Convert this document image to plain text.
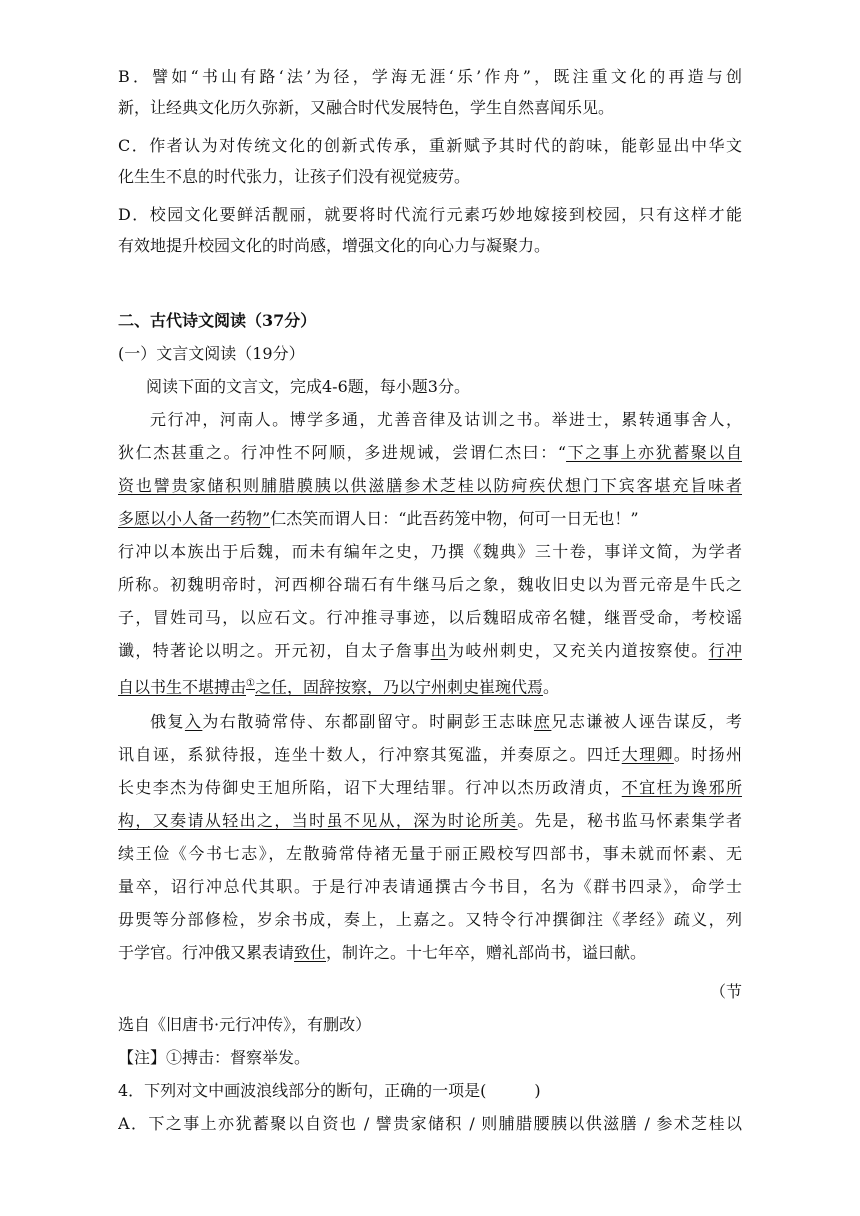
B．譬如“书山有路‘法’为径，学海无涯‘乐’作舟”，既注重文化的再造与创
新，让经典文化历久弥新，又融合时代发展特色，学生自然喜闻乐见。
C．作者认为对传统文化的创新式传承，重新赋予其时代的韵味，能彰显出中华文
化生生不息的时代张力，让孩子们没有视觉疲劳。
D．校园文化要鲜活靓丽，就要将时代流行元素巧妙地嫁接到校园，只有这样才能
有效地提升校园文化的时尚感，增强文化的向心力与凝聚力。
二、古代诗文阅读（37分）
(一）文言文阅读（19分）
阅读下面的文言文，完成4-6题，每小题3分。
元行冲，河南人。博学多通，尤善音律及诂训之书。举进士，累转通事舍人，
狄仁杰甚重之。行冲性不阿顺，多进规诫，尝谓仁杰曰：“下之事上亦犹蓄聚以自
资也譬贵家储积则脯腊膜胰以供滋膳参术芝桂以防疴疾伏想门下宾客堪充旨味者
多愿以小人备一药物”仁杰笑而谓人日：“此吾药笼中物，何可一日无也！”
行冲以本族出于后魏，而未有编年之史，乃撰《魏典》三十卷，事详文简，为学者
所称。初魏明帝时，河西柳谷瑞石有牛继马后之象，魏收旧史以为晋元帝是牛氏之
子，冒姓司马，以应石文。行冲推寻事迹，以后魏昭成帝名犍，继晋受命，考校谣
谶，特著论以明之。开元初，自太子詹事出为岐州刺史，又充关内道按察使。行冲
自以书生不堪搏击①之任，固辞按察，乃以宁州刺史崔琬代焉。
俄复入为右散骑常侍、东都副留守。时嗣彭王志昧庶兄志谦被人诬告谋反，考
讯自诬，系狱待报，连坐十数人，行冲察其冤滥，并奏原之。四迁大理卿。时扬州
长史李杰为侍御史王旭所陷，诏下大理结罪。行冲以杰历政清贞，不宜枉为谗邪所
构，又奏请从轻出之，当时虽不见从，深为时论所美。先是，秘书监马怀素集学者
续王俭《今书七志》，左散骑常侍褚无量于丽正殿校写四部书，事未就而怀素、无
量卒，诏行冲总代其职。于是行冲表请通撰古今书目，名为《群书四录》，命学士
毋煚等分部修检，岁余书成，奏上，上嘉之。又特令行冲撰御注《孝经》疏义，列
于学官。行冲俄又累表请致仕，制许之。十七年卒，赠礼部尚书，谥曰献。
（节
选自《旧唐书·元行冲传》，有删改）
【注】①搏击：督察举发。
4．下列对文中画波浪线部分的断句，正确的一项是(　　　)
A．下之事上亦犹蓄聚以自资也 / 譬贵家储积 / 则脯腊腰胰以供滋膳 / 参术芝桂以
